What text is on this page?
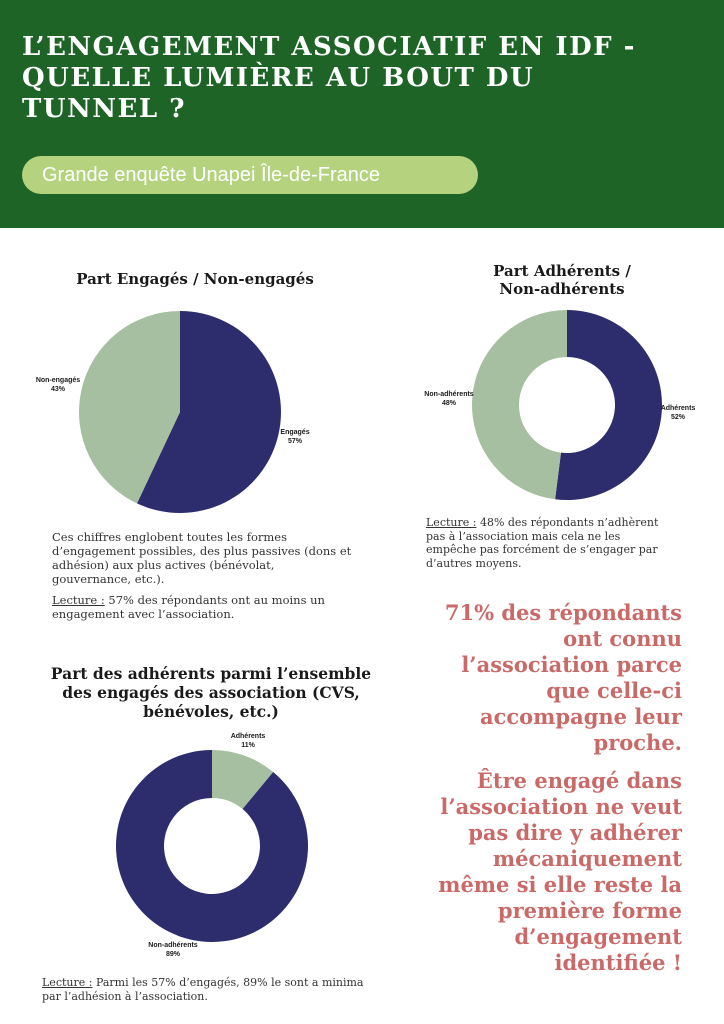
L’ENGAGEMENT ASSOCIATIF EN IDF -
QUELLE LUMIÈRE AU BOUT DU
TUNNEL ?
Grande enquête Unapei Île-de-France
Part Engagés / Non-engagés
Engagés
57%
Non-engagés
43%
Adhérents
52%
Non-adhérents
48%
Adhérents
11%
Non-adhérents
89%
Part Adhérents /
Non-adhérents
Part des adhérents parmi l’ensemble
des engagés des association (CVS,
bénévoles, etc.)
Ces chiffres englobent toutes les formes
d’engagement possibles, des plus passives (dons et
adhésion) aux plus actives (bénévolat,
gouvernance, etc.).
Lecture : 57% des répondants ont au moins un
engagement avec l’association.
Lecture : 48% des répondants n’adhèrent
pas à l’association mais cela ne les
empêche pas forcément de s’engager par
d’autres moyens.
Lecture : Parmi les 57% d’engagés, 89% le sont a minima
par l’adhésion à l’association.
71% des répondants
ont connu
l’association parce
que celle-ci
accompagne leur
proche.
Être engagé dans
l’association ne veut
pas dire y adhérer
mécaniquement
même si elle reste la
première forme
d’engagement
identifiée !
